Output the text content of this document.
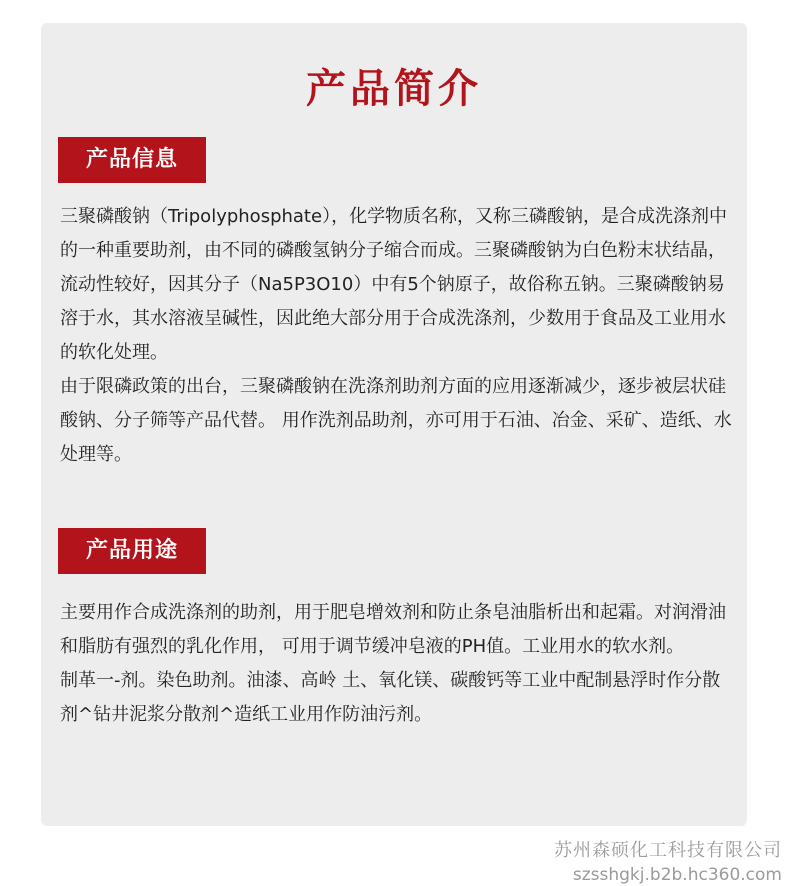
产品简介
产品信息

三聚磷酸钠（Tripolyphosphate），化学物质名称，又称三磷酸钠，是合成洗涤剂中的一种重要助剂，由不同的磷酸氢钠分子缩合而成。三聚磷酸钠为白色粉末状结晶，流动性较好，因其分子（Na5P3O10）中有5个钠原子，故俗称五钠。三聚磷酸钠易溶于水，其水溶液呈碱性，因此绝大部分用于合成洗涤剂，少数用于食品及工业用水的软化处理。

由于限磷政策的出台，三聚磷酸钠在洗涤剂助剂方面的应用逐渐减少，逐步被层状硅酸钠、分子筛等产品代替。 用作洗剂品助剂，亦可用于石油、冶金、采矿、造纸、水处理等。

产品用途

主要用作合成洗涤剂的助剂，用于肥皂增效剂和防止条皂油脂析出和起霜。对润滑油和脂肪有强烈的乳化作用， 可用于调节缓冲皂液的PH值。工业用水的软水剂。

制革一-剂。染色助剂。油漆、高岭 土、氧化镁、碳酸钙等工业中配制悬浮时作分散剂^钻井泥浆分散剂^造纸工业用作防油污剂。

苏州森硕化工科技有限公司
szsshgkj.b2b.hc360.com
